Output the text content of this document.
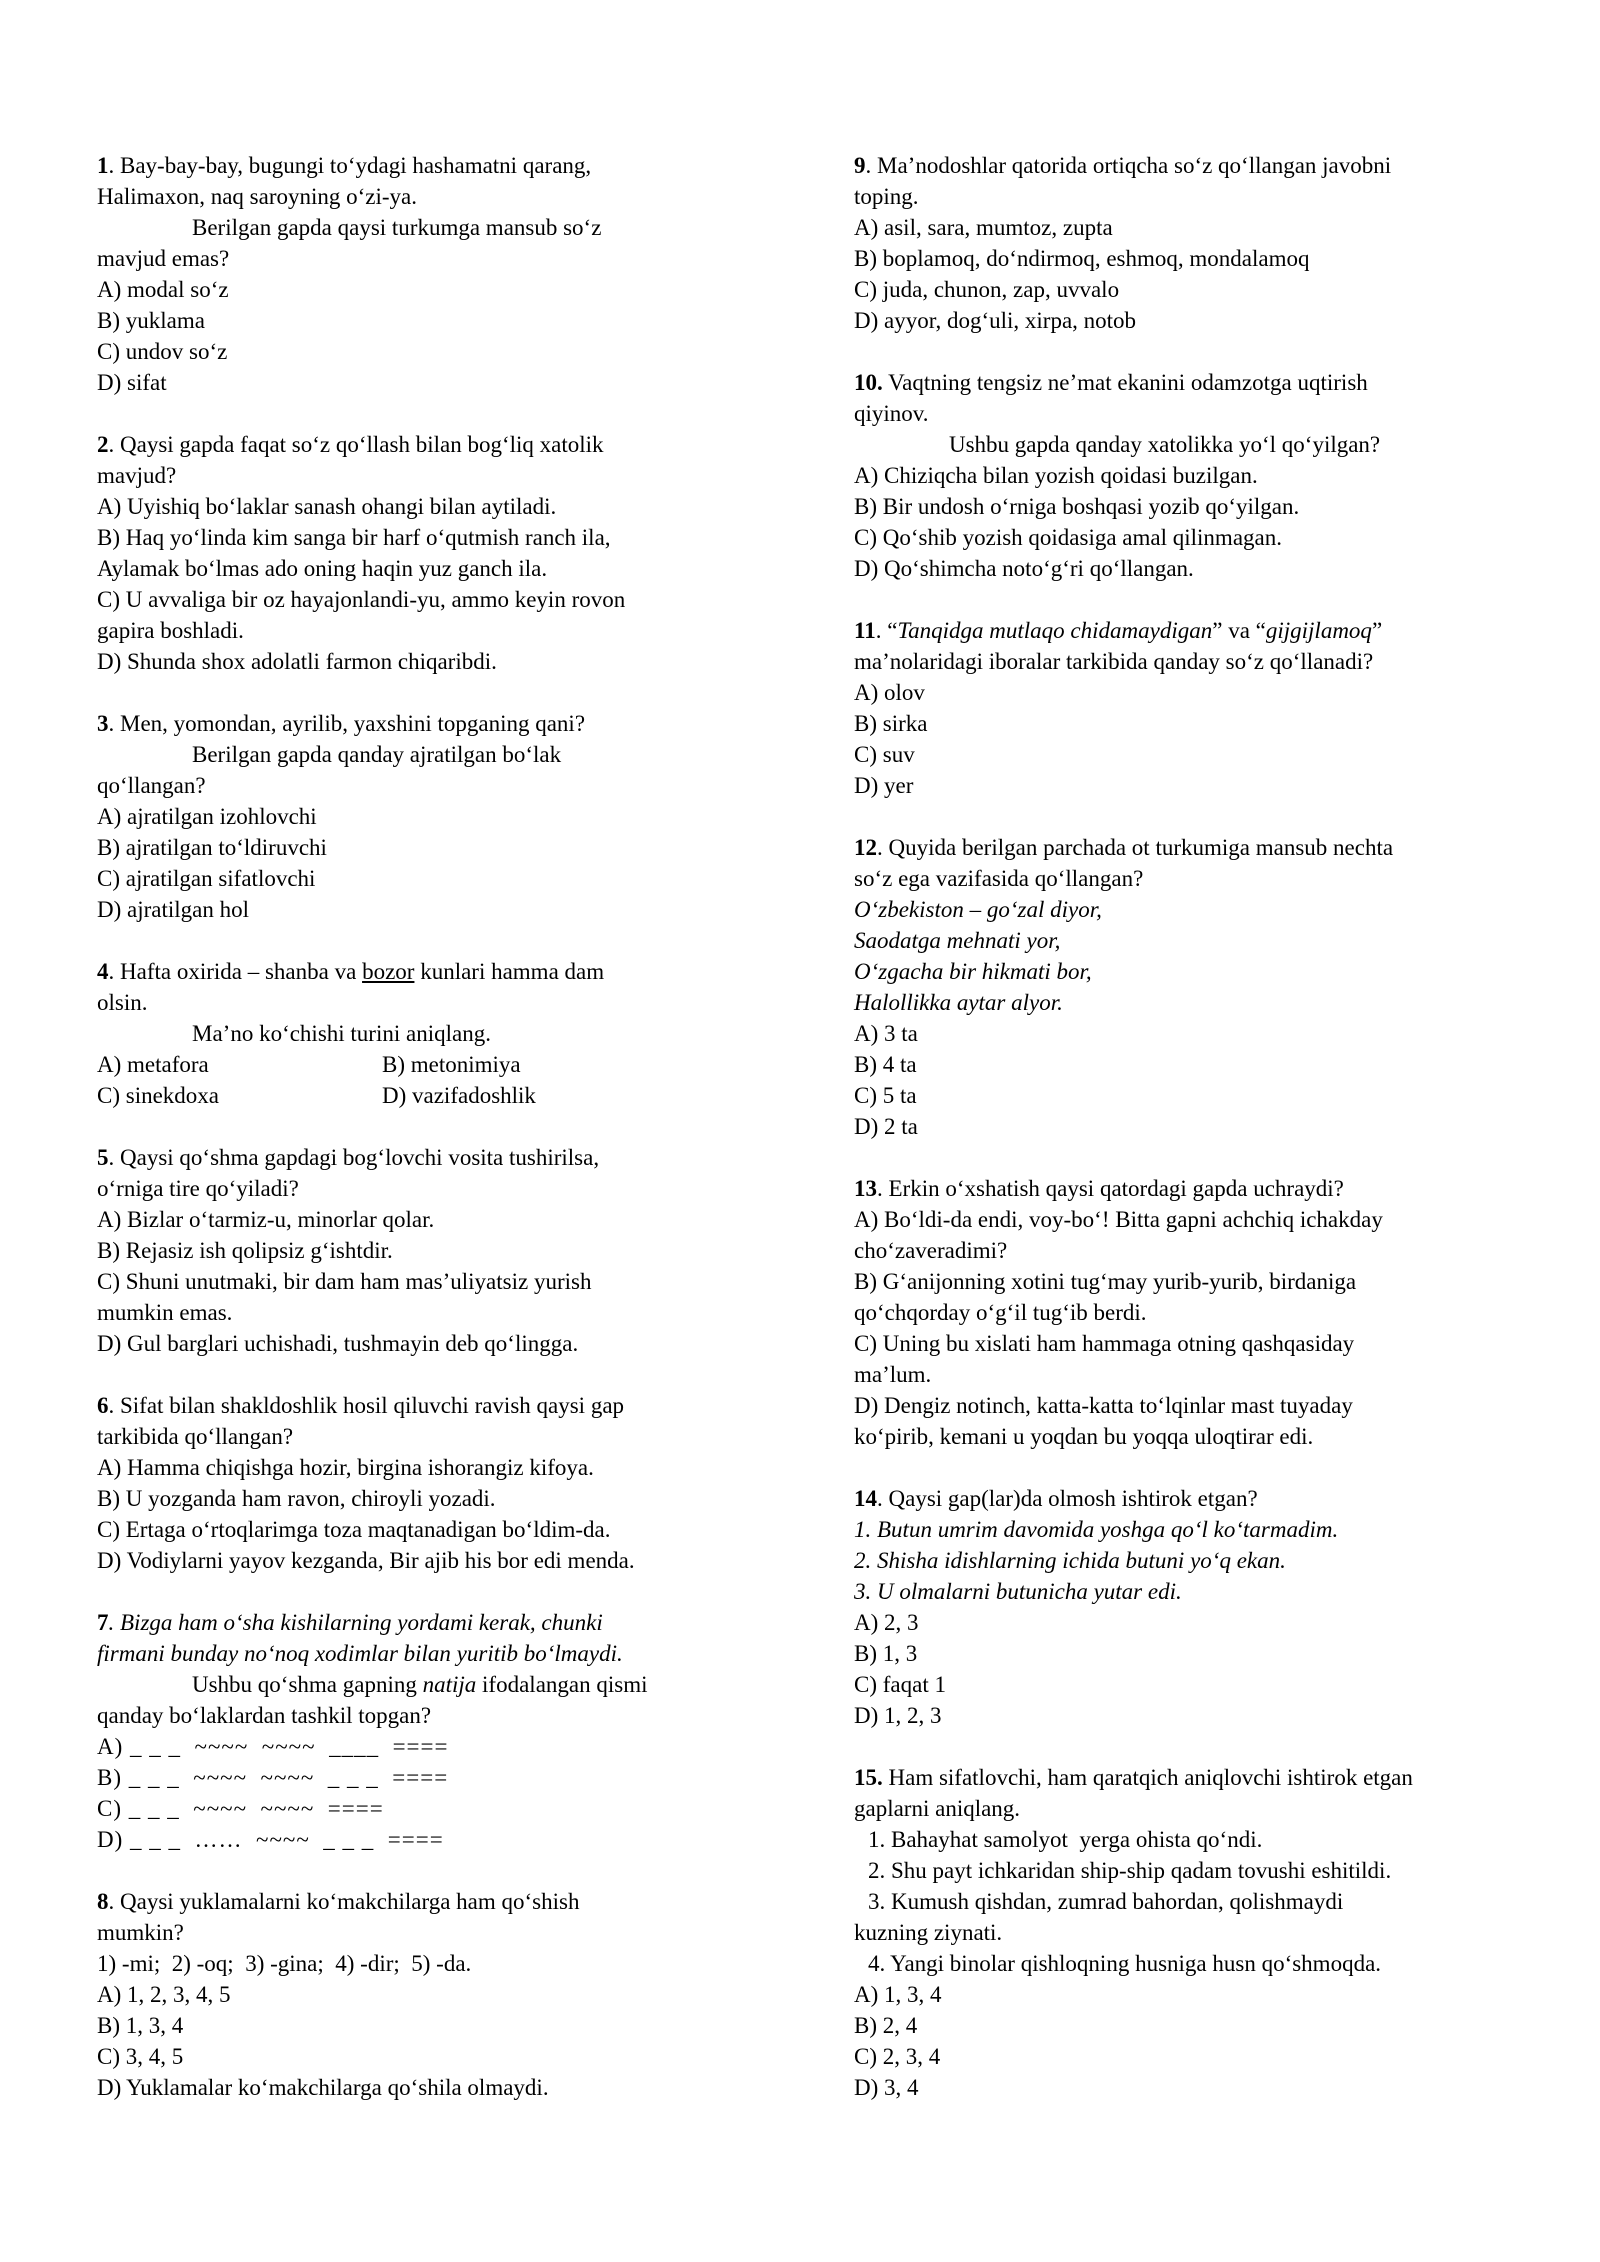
1. Bay-bay-bay, bugungi to‘ydagi hashamatni qarang,
Halimaxon, naq saroyning o‘zi-ya.
Berilgan gapda qaysi turkumga mansub so‘z
mavjud emas?
A) modal so‘z
B) yuklama
C) undov so‘z
D) sifat
2. Qaysi gapda faqat so‘z qo‘llash bilan bog‘liq xatolik
mavjud?
A) Uyishiq bo‘laklar sanash ohangi bilan aytiladi.
B) Haq yo‘linda kim sanga bir harf o‘qutmish ranch ila,
Aylamak bo‘lmas ado oning haqin yuz ganch ila.
C) U avvaliga bir oz hayajonlandi-yu, ammo keyin rovon
gapira boshladi.
D) Shunda shox adolatli farmon chiqaribdi.
3. Men, yomondan, ayrilib, yaxshini topganing qani?
Berilgan gapda qanday ajratilgan bo‘lak
qo‘llangan?
A) ajratilgan izohlovchi
B) ajratilgan to‘ldiruvchi
C) ajratilgan sifatlovchi
D) ajratilgan hol
4. Hafta oxirida – shanba va bozor kunlari hamma dam
olsin.
Ma’no ko‘chishi turini aniqlang.
A) metafora	B) metonimiya
C) sinekdoxa	D) vazifadoshlik
5. Qaysi qo‘shma gapdagi bog‘lovchi vosita tushirilsa,
o‘rniga tire qo‘yiladi?
A) Bizlar o‘tarmiz-u, minorlar qolar.
B) Rejasiz ish qolipsiz g‘ishtdir.
C) Shuni unutmaki, bir dam ham mas’uliyatsiz yurish
mumkin emas.
D) Gul barglari uchishadi, tushmayin deb qo‘lingga.
6. Sifat bilan shakldoshlik hosil qiluvchi ravish qaysi gap
tarkibida qo‘llangan?
A) Hamma chiqishga hozir, birgina ishorangiz kifoya.
B) U yozganda ham ravon, chiroyli yozadi.
C) Ertaga o‘rtoqlarimga toza maqtanadigan bo‘ldim-da.
D) Vodiylarni yayov kezganda, Bir ajib his bor edi menda.
7. Bizga ham o‘sha kishilarning yordami kerak, chunki
firmani bunday no‘noq xodimlar bilan yuritib bo‘lmaydi.
Ushbu qo‘shma gapning natija ifodalangan qismi
qanday bo‘laklardan tashkil topgan?
A) _ _ _  ~~~~  ~~~~  ____  ====
B) _ _ _  ~~~~  ~~~~  _ _ _  ====
C) _ _ _  ~~~~  ~~~~  ====
D) _ _ _  ……  ~~~~  _ _ _  ====
8. Qaysi yuklamalarni ko‘makchilarga ham qo‘shish
mumkin?
1) -mi;  2) -oq;  3) -gina;  4) -dir;  5) -da.
A) 1, 2, 3, 4, 5
B) 1, 3, 4
C) 3, 4, 5
D) Yuklamalar ko‘makchilarga qo‘shila olmaydi.
9. Ma’nodoshlar qatorida ortiqcha so‘z qo‘llangan javobni
toping.
A) asil, sara, mumtoz, zupta
B) boplamoq, do‘ndirmoq, eshmoq, mondalamoq
C) juda, chunon, zap, uvvalo
D) ayyor, dog‘uli, xirpa, notob
10. Vaqtning tengsiz ne’mat ekanini odamzotga uqtirish
qiyinov.
Ushbu gapda qanday xatolikka yo‘l qo‘yilgan?
A) Chiziqcha bilan yozish qoidasi buzilgan.
B) Bir undosh o‘rniga boshqasi yozib qo‘yilgan.
C) Qo‘shib yozish qoidasiga amal qilinmagan.
D) Qo‘shimcha noto‘g‘ri qo‘llangan.
11. “Tanqidga mutlaqo chidamaydigan” va “gijgijlamoq”
ma’nolaridagi iboralar tarkibida qanday so‘z qo‘llanadi?
A) olov
B) sirka
C) suv
D) yer
12. Quyida berilgan parchada ot turkumiga mansub nechta
so‘z ega vazifasida qo‘llangan?
O‘zbekiston – go‘zal diyor,
Saodatga mehnati yor,
O‘zgacha bir hikmati bor,
Halollikka aytar alyor.
A) 3 ta
B) 4 ta
C) 5 ta
D) 2 ta
13. Erkin o‘xshatish qaysi qatordagi gapda uchraydi?
A) Bo‘ldi-da endi, voy-bo‘! Bitta gapni achchiq ichakday
cho‘zaveradimi?
B) G‘anijonning xotini tug‘may yurib-yurib, birdaniga
qo‘chqorday o‘g‘il tug‘ib berdi.
C) Uning bu xislati ham hammaga otning qashqasiday
ma’lum.
D) Dengiz notinch, katta-katta to‘lqinlar mast tuyaday
ko‘pirib, kemani u yoqdan bu yoqqa uloqtirar edi.
14. Qaysi gap(lar)da olmosh ishtirok etgan?
1. Butun umrim davomida yoshga qo‘l ko‘tarmadim.
2. Shisha idishlarning ichida butuni yo‘q ekan.
3. U olmalarni butunicha yutar edi.
A) 2, 3
B) 1, 3
C) faqat 1
D) 1, 2, 3
15. Ham sifatlovchi, ham qaratqich aniqlovchi ishtirok etgan
gaplarni aniqlang.
1. Bahayhat samolyot  yerga ohista qo‘ndi.
2. Shu payt ichkaridan ship-ship qadam tovushi eshitildi.
3. Kumush qishdan, zumrad bahordan, qolishmaydi
kuzning ziynati.
4. Yangi binolar qishloqning husniga husn qo‘shmoqda.
A) 1, 3, 4
B) 2, 4
C) 2, 3, 4
D) 3, 4
